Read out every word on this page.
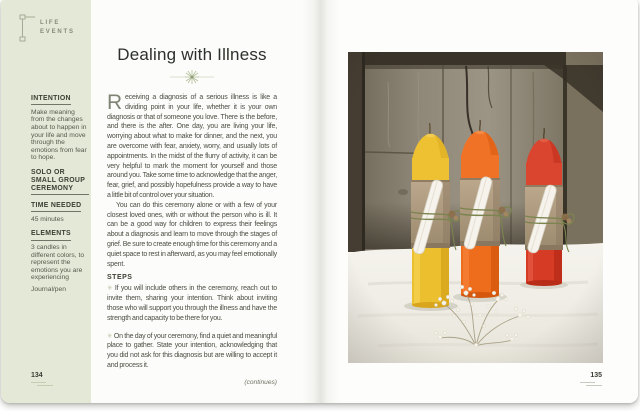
LIFE
EVENTS
INTENTION
Make meaning from the changes about to happen in your life and move through the emotions from fear to hope.
SOLO OR SMALL GROUP CEREMONY
TIME NEEDED
45 minutes
ELEMENTS
3 candles in different colors, to represent the emotions you are experiencing
Journal/pen
Dealing with Illness

Receiving a diagnosis of a serious illness is like a dividing point in your life, whether it is your own diagnosis or that of someone you love. There is the before, and there is the after. One day, you are living your life, worrying about what to make for dinner, and the next, you are overcome with fear, anxiety, worry, and usually lots of appointments. In the midst of the flurry of activity, it can be very helpful to mark the moment for yourself and those around you. Take some time to acknowledge that the anger, fear, grief, and possibly hopefulness provide a way to have a little bit of control over your situation.

You can do this ceremony alone or with a few of your closest loved ones, with or without the person who is ill. It can be a good way for children to express their feelings about a diagnosis and learn to move through the stages of grief. Be sure to create enough time for this ceremony and a quiet space to rest in afterward, as you may feel emotionally spent.

STEPS

✳ If you will include others in the ceremony, reach out to invite them, sharing your intention. Think about inviting those who will support you through the illness and have the strength and capacity to be there for you.

✳ On the day of your ceremony, find a quiet and meaningful place to gather. State your intention, acknowledging that you did not ask for this diagnosis but are willing to accept it and process it.

(continues)
134	135
